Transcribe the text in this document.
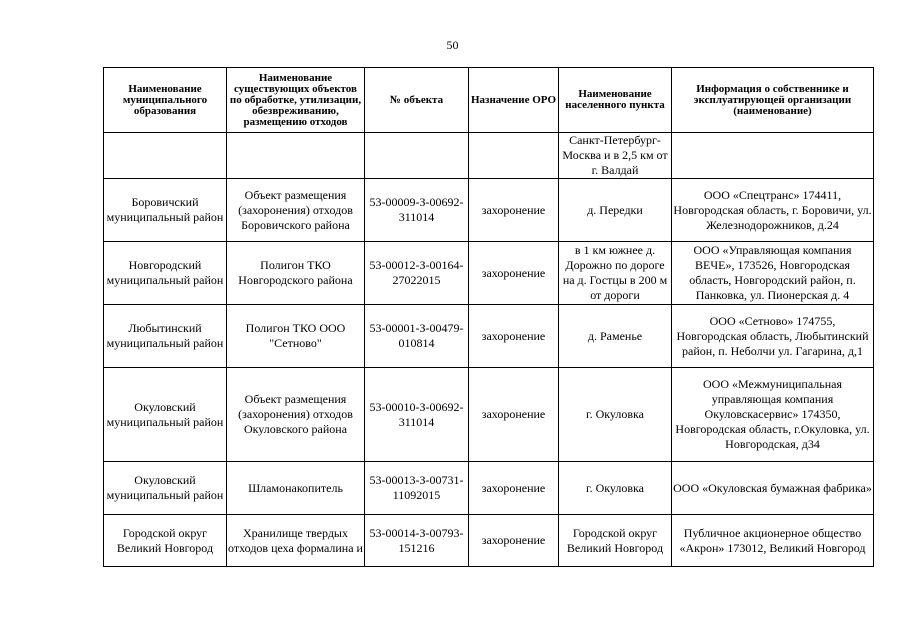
50
Наименование муниципального образования	Наименование существующих объектов по обработке, утилизации, обезвреживанию, размещению отходов	№ объекта	Назначение ОРО	Наименование населенного пункта	Информация о собственнике и эксплуатирующей организации (наименование)

				Санкт-Петербург-Москва и в 2,5 км от г. Валдай	

Боровичский муниципальный район	Объект размещения (захоронения) отходов Боровичского района	53-00009-З-00692-311014	захоронение	д. Передки	ООО «Спецтранс» 174411, Новгородская область, г. Боровичи, ул. Железнодорожников, д.24

Новгородский муниципальный район	Полигон ТКО Новгородского района	53-00012-З-00164-27022015	захоронение	в 1 км южнее д. Дорожно по дороге на д. Гостцы в 200 м от дороги	ООО «Управляющая компания ВЕЧЕ», 173526, Новгородская область, Новгородский район, п. Панковка, ул. Пионерская д. 4

Любытинский муниципальный район	Полигон ТКО ООО "Сетново"	53-00001-З-00479-010814	захоронение	д. Раменье	ООО «Сетново» 174755, Новгородская область, Любытинский район, п. Неболчи ул. Гагарина, д,1

Окуловский муниципальный район	Объект размещения (захоронения) отходов Окуловского района	53-00010-З-00692-311014	захоронение	г. Окуловка	ООО «Межмуниципальная управляющая компания Окуловскасервис» 174350, Новгородская область, г.Окуловка, ул. Новгородская, д34

Окуловский муниципальный район	Шламонакопитель	53-00013-З-00731-11092015	захоронение	г. Окуловка	ООО «Окуловская бумажная фабрика»

Городской округ Великий Новгород	Хранилище твердых отходов цеха формалина и	53-00014-З-00793-151216	захоронение	Городской округ Великий Новгород	Публичное акционерное общество «Акрон» 173012, Великий Новгород
